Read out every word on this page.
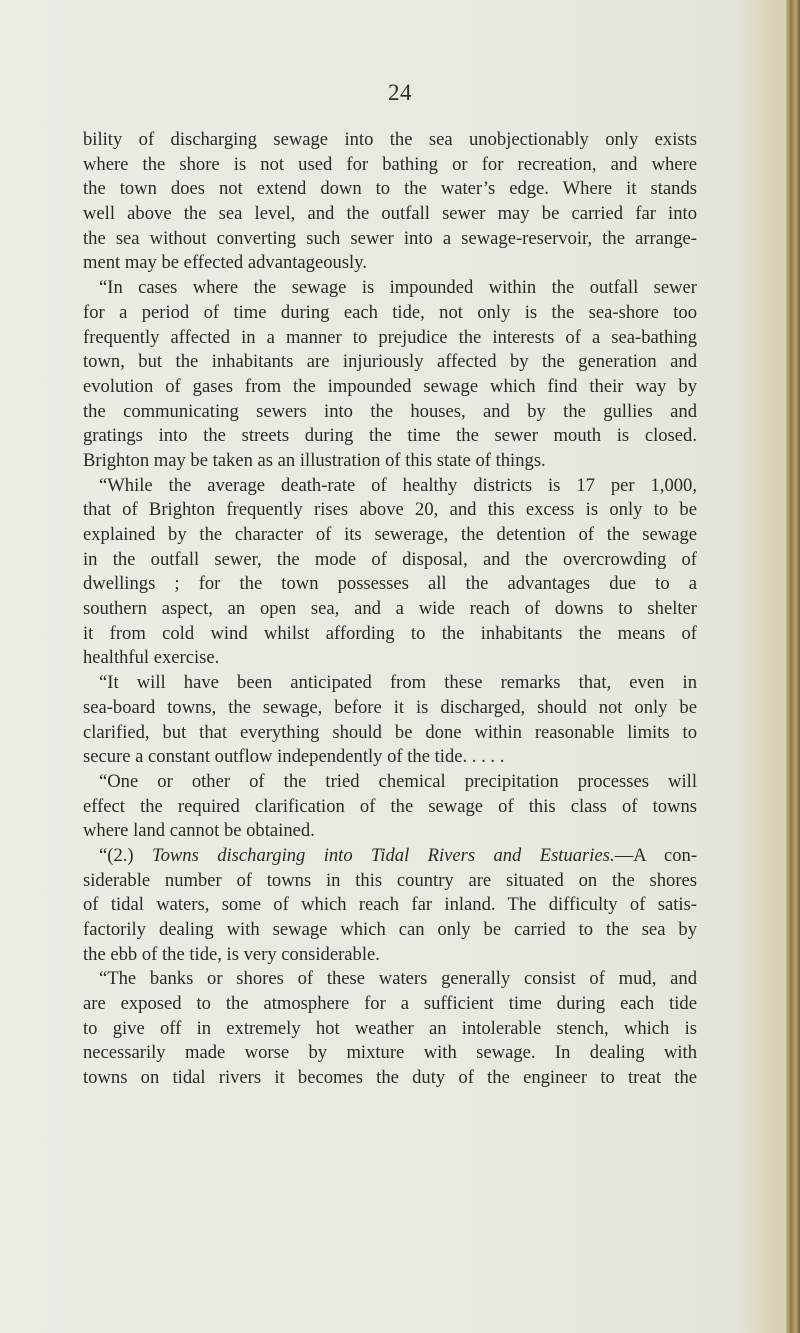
24
bility of discharging sewage into the sea unobjectionably only exists
where the shore is not used for bathing or for recreation, and where
the town does not extend down to the water’s edge. Where it stands
well above the sea level, and the outfall sewer may be carried far into
the sea without converting such sewer into a sewage-reservoir, the arrange-
ment may be effected advantageously.
“In cases where the sewage is impounded within the outfall sewer
for a period of time during each tide, not only is the sea-shore too
frequently affected in a manner to prejudice the interests of a sea-bathing
town, but the inhabitants are injuriously affected by the generation and
evolution of gases from the impounded sewage which find their way by
the communicating sewers into the houses, and by the gullies and
gratings into the streets during the time the sewer mouth is closed.
Brighton may be taken as an illustration of this state of things.
“While the average death-rate of healthy districts is 17 per 1,000,
that of Brighton frequently rises above 20, and this excess is only to be
explained by the character of its sewerage, the detention of the sewage
in the outfall sewer, the mode of disposal, and the overcrowding of
dwellings ; for the town possesses all the advantages due to a
southern aspect, an open sea, and a wide reach of downs to shelter
it from cold wind whilst affording to the inhabitants the means of
healthful exercise.
“It will have been anticipated from these remarks that, even in
sea-board towns, the sewage, before it is discharged, should not only be
clarified, but that everything should be done within reasonable limits to
secure a constant outflow independently of the tide. . . . .
“One or other of the tried chemical precipitation processes will
effect the required clarification of the sewage of this class of towns
where land cannot be obtained.
“(2.) Towns discharging into Tidal Rivers and Estuaries.—A con-
siderable number of towns in this country are situated on the shores
of tidal waters, some of which reach far inland. The difficulty of satis-
factorily dealing with sewage which can only be carried to the sea by
the ebb of the tide, is very considerable.
“The banks or shores of these waters generally consist of mud, and
are exposed to the atmosphere for a sufficient time during each tide
to give off in extremely hot weather an intolerable stench, which is
necessarily made worse by mixture with sewage. In dealing with
towns on tidal rivers it becomes the duty of the engineer to treat the
